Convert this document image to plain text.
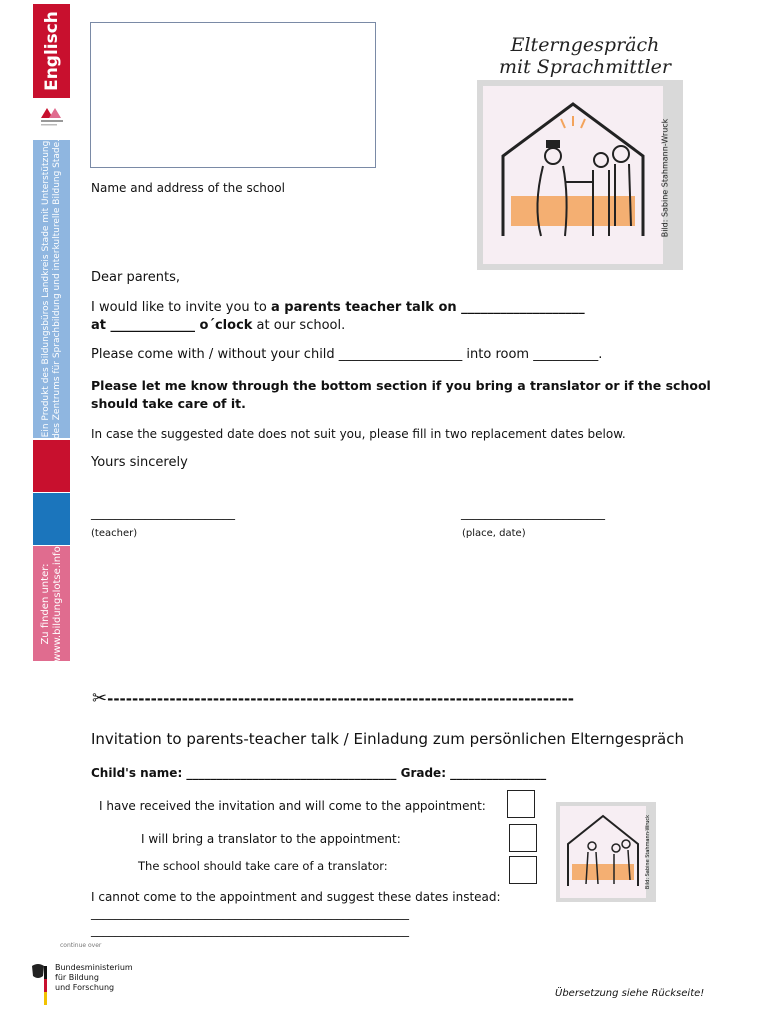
Englisch
Ein Produkt des Bildungsbüros Landkreis Stade mit Unterstützung des Zentrums für Sprachbildung und interkulturelle Bildung Stade.
Zu finden unter: www.bildungslotse.info
Name and address of the school
Elterngespräch
mit Sprachmittler
Bild: Sabine Stahmann-Wruck
Dear parents,
I would like to invite you to a parents teacher talk on ___________________
at _____________ o´clock at our school.
Please come with / without your child ___________________ into room __________.
Please let me know through the bottom section if you bring a translator or if the school
should take care of it.
In case the suggested date does not suit you, please fill in two replacement dates below.
Yours sincerely
________________________	________________________
(teacher)	(place, date)
✂---------------------------------------------------------------------------
Invitation to parents-teacher talk / Einladung zum persönlichen Elterngespräch
Child's name: ___________________________________ Grade: ________________
I have received the invitation and will come to the appointment:
I will bring a translator to the appointment:
The school should take care of a translator:
I cannot come to the appointment and suggest these dates instead:
_____________________________________________________
_____________________________________________________
Bild: Sabine Stahmann-Wruck
continue over
Bundesministerium
für Bildung
und Forschung
Übersetzung siehe Rückseite!
